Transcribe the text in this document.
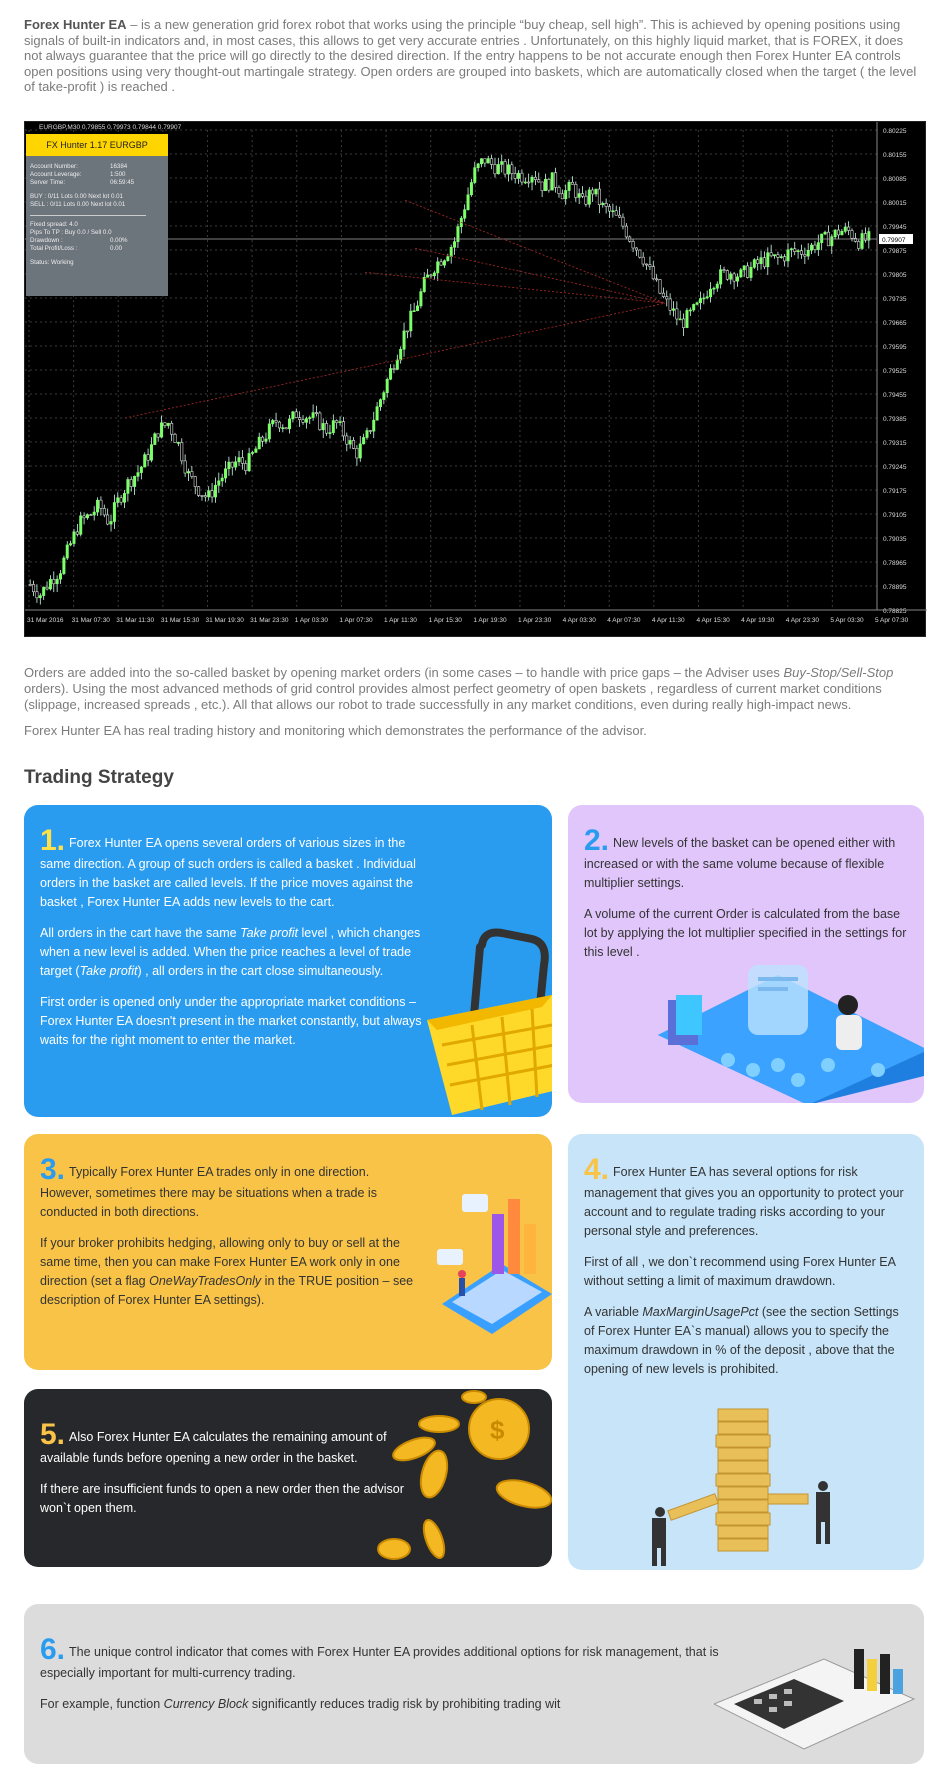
Forex Hunter EA – is a new generation grid forex robot that works using the principle “buy cheap, sell high”. This is achieved by opening positions using signals of built-in indicators and, in most cases, this allows to get very accurate entries . Unfortunately, on this highly liquid market, that is FOREX, it does not always guarantee that the price will go directly to the desired direction. If the entry happens to be not accurate enough then Forex Hunter EA controls open positions using very thought-out martingale strategy. Open orders are grouped into baskets, which are automatically closed when the target ( the level of take-profit ) is reached .
0.80225
0.80155
0.80085
0.80015
0.79945
0.79875
0.79805
0.79735
0.79665
0.79595
0.79525
0.79455
0.79385
0.79315
0.79245
0.79175
0.79105
0.79035
0.78965
0.78895
0.78825
31 Mar 2016 31 Mar 07:30 31 Mar 11:30 31 Mar 15:30 31 Mar 19:30 31 Mar 23:30 1 Apr 03:30 1 Apr 07:30 1 Apr 11:30 1 Apr 15:30 1 Apr 19:30 1 Apr 23:30 4 Apr 03:30 4 Apr 07:30 4 Apr 11:30 4 Apr 15:30 4 Apr 19:30 4 Apr 23:30 5 Apr 03:30 5 Apr 07:30
0.79907
EURGBP,M30 0.79855 0.79973 0.79844 0.79907
FX Hunter 1.17 EURGBP
Account Number:	16384
Account Leverage:	1:500
Server Time:	06:59:45
BUY : 0/11 Lots 0.00 Next lot 0.01
SELL : 0/11 Lots 0.00 Next lot 0.01
Fixed spread: 4.0
Pips To TP : Buy 0.0 / Sell 0.0
Drawdown :	0.00%
Total Profit/Loss :	0.00
Status: Working
Orders are added into the so-called basket by opening market orders (in some cases – to handle with price gaps – the Adviser uses Buy-Stop/Sell-Stop orders). Using the most advanced methods of grid control provides almost perfect geometry of open baskets , regardless of current market conditions (slippage, increased spreads , etc.). All that allows our robot to trade successfully in any market conditions, even during really high-impact news.
Forex Hunter EA has real trading history and monitoring which demonstrates the performance of the advisor.
Trading Strategy

1. Forex Hunter EA opens several orders of various sizes in the same direction. A group of such orders is called a basket . Individual orders in the basket are called levels. If the price moves against the basket , Forex Hunter EA adds new levels to the cart.

All orders in the cart have the same Take profit level , which changes when a new level is added. When the price reaches a level of trade target (Take profit) , all orders in the cart close simultaneously.

First order is opened only under the appropriate market conditions – Forex Hunter EA doesn't present in the market constantly, but always waits for the right moment to enter the market.

2. New levels of the basket can be opened either with increased or with the same volume because of flexible multiplier settings.

A volume of the current Order is calculated from the base lot by applying the lot multiplier specified in the settings for this level .

3. Typically Forex Hunter EA trades only in one direction. However, sometimes there may be situations when a trade is conducted in both directions.

If your broker prohibits hedging, allowing only to buy or sell at the same time, then you can make Forex Hunter EA work only in one direction (set a flag OneWayTradesOnly in the TRUE position – see description of Forex Hunter EA settings).

4. Forex Hunter EA has several options for risk management that gives you an opportunity to protect your account and to regulate trading risks according to your personal style and preferences.

First of all , we don`t recommend using Forex Hunter EA without setting a limit of maximum drawdown.

A variable MaxMarginUsagePct (see the section Settings of Forex Hunter EA`s manual) allows you to specify the maximum drawdown in % of the deposit , above that the opening of new levels is prohibited.

5. Also Forex Hunter EA calculates the remaining amount of available funds before opening a new order in the basket.

If there are insufficient funds to open a new order then the advisor won`t open them.

$

6. The unique control indicator that comes with Forex Hunter EA provides additional options for risk management, that is especially important for multi-currency trading.

For example, function Currency Block significantly reduces tradig risk by prohibiting trading wit
